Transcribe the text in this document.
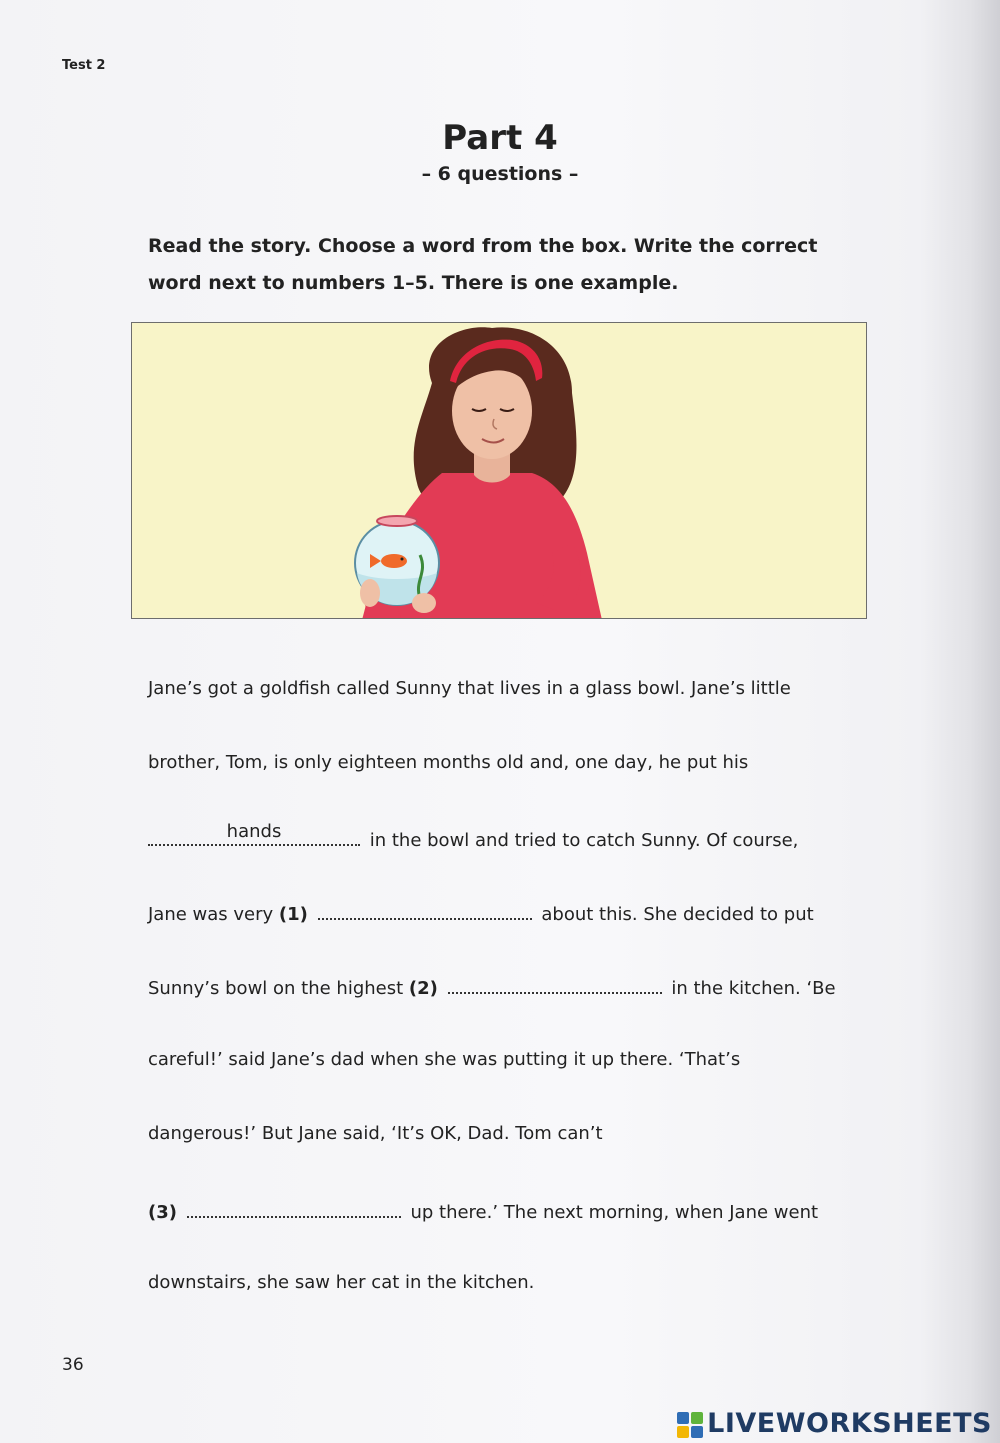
Test 2
Part 4
– 6 questions –
Read the story. Choose a word from the box. Write the correct
word next to numbers 1–5. There is one example.
Jane’s got a goldfish called Sunny that lives in a glass bowl. Jane’s little
brother, Tom, is only eighteen months old and, one day, he put his
hands	in the bowl and tried to catch Sunny. Of course,
Jane was very (1)	about this. She decided to put
Sunny’s bowl on the highest (2)	in the kitchen. ‘Be
careful!’ said Jane’s dad when she was putting it up there. ‘That’s
dangerous!’ But Jane said, ‘It’s OK, Dad. Tom can’t
(3)	up there.’ The next morning, when Jane went
downstairs, she saw her cat in the kitchen.
36
LIVEWORKSHEETS
